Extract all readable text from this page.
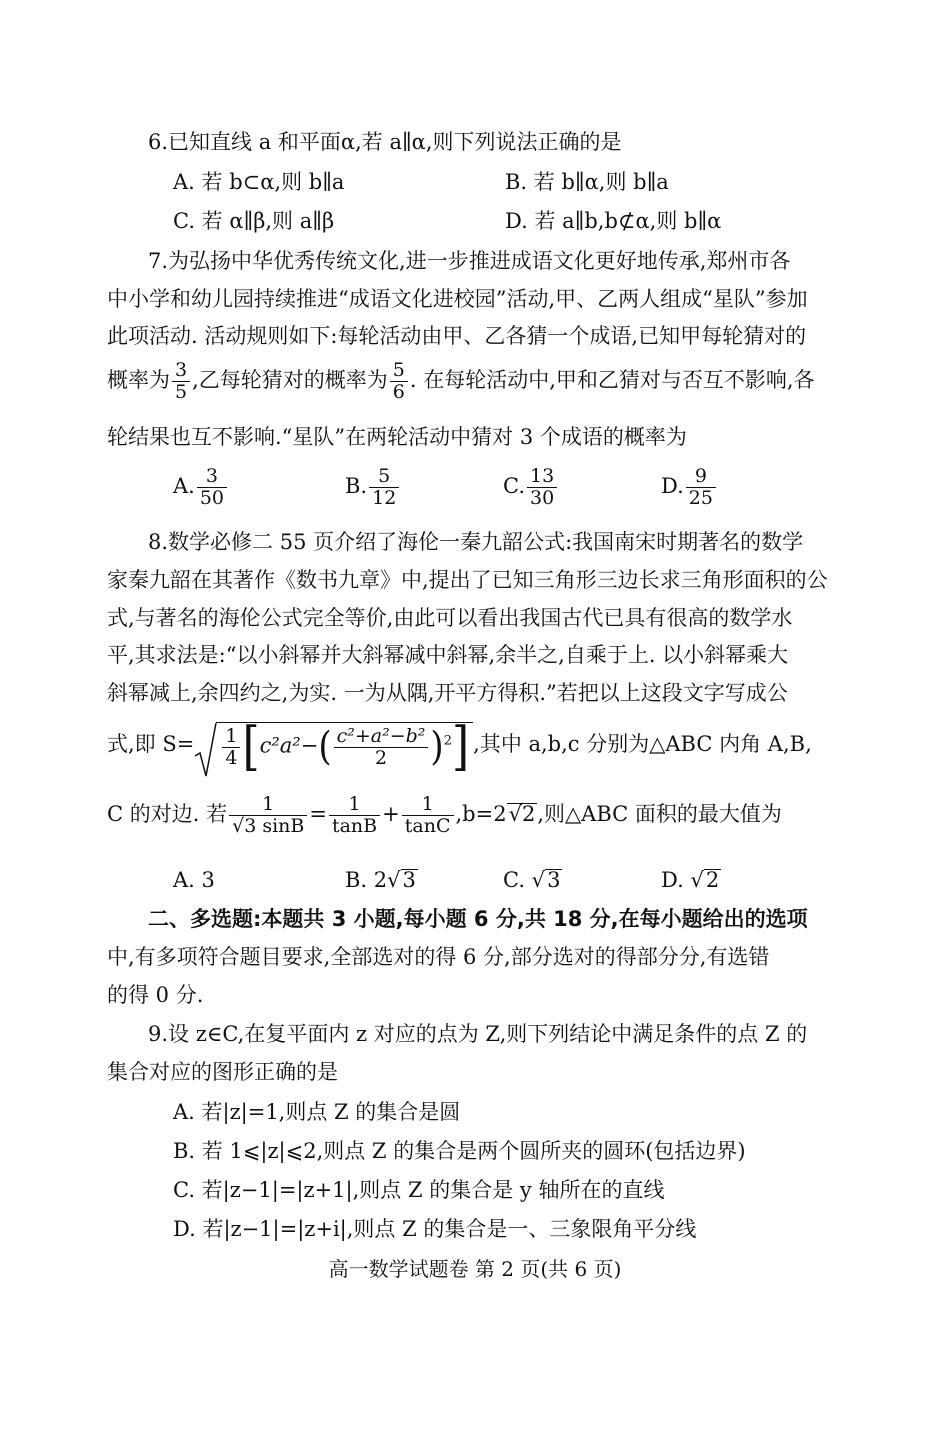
6.已知直线 a 和平面α,若 a∥α,则下列说法正确的是
A. 若 b⊂α,则 b∥a	B. 若 b∥α,则 b∥a
C. 若 α∥β,则 a∥β	D. 若 a∥b,b⊄α,则 b∥α
7.为弘扬中华优秀传统文化,进一步推进成语文化更好地传承,郑州市各
中小学和幼儿园持续推进“成语文化进校园”活动,甲、乙两人组成“星队”参加
此项活动. 活动规则如下:每轮活动由甲、乙各猜一个成语,已知甲每轮猜对的
概率为 $\frac{3}{5}$ ,乙每轮猜对的概率为 $\frac{5}{6}$ . 在每轮活动中,甲和乙猜对与否互不影响,各
轮结果也互不影响.“星队”在两轮活动中猜对 3 个成语的概率为
A. $\frac{3}{50}$	B. $\frac{5}{12}$	C. $\frac{13}{30}$	D. $\frac{9}{25}$
8.数学必修二 55 页介绍了海伦一秦九韶公式:我国南宋时期著名的数学
家秦九韶在其著作《数书九章》中,提出了已知三角形三边长求三角形面积的公
式,与著名的海伦公式完全等价,由此可以看出我国古代已具有很高的数学水
平,其求法是:“以小斜幂并大斜幂减中斜幂,余半之,自乘于上. 以小斜幂乘大
斜幂减上,余四约之,为实. 一为从隅,开平方得积.”若把以上这段文字写成公
式,即 $S= \frac{1}{4} [c^2a^2-( \frac{\text{c²+a²−b²}}{2} )^2]$ ,其中 a,b,c 分别为△ABC 内角 A,B,
C 的对边. 若 $\frac{1}{√3 \sin B} = \frac{1}{\tan B} + \frac{1}{\tan C} ,b=2√2$,则△ABC 面积的最大值为
A. 3	B. 2√3	C. √3	D. √2
二、多选题:本题共 3 小题,每小题 6 分,共 18 分,在每小题给出的选项
中,有多项符合题目要求,全部选对的得 6 分,部分选对的得部分分,有选错
的得 0 分.
9.设 z∈C,在复平面内 z 对应的点为 Z,则下列结论中满足条件的点 Z 的
集合对应的图形正确的是
A. 若|z|=1,则点 Z 的集合是圆
B. 若 1⩽|z|⩽2,则点 Z 的集合是两个圆所夹的圆环(包括边界)
C. 若|z−1|=|z+1|,则点 Z 的集合是 y 轴所在的直线
D. 若|z−1|=|z+i|,则点 Z 的集合是一、三象限角平分线
高一数学试题卷 第 2 页(共 6 页)
